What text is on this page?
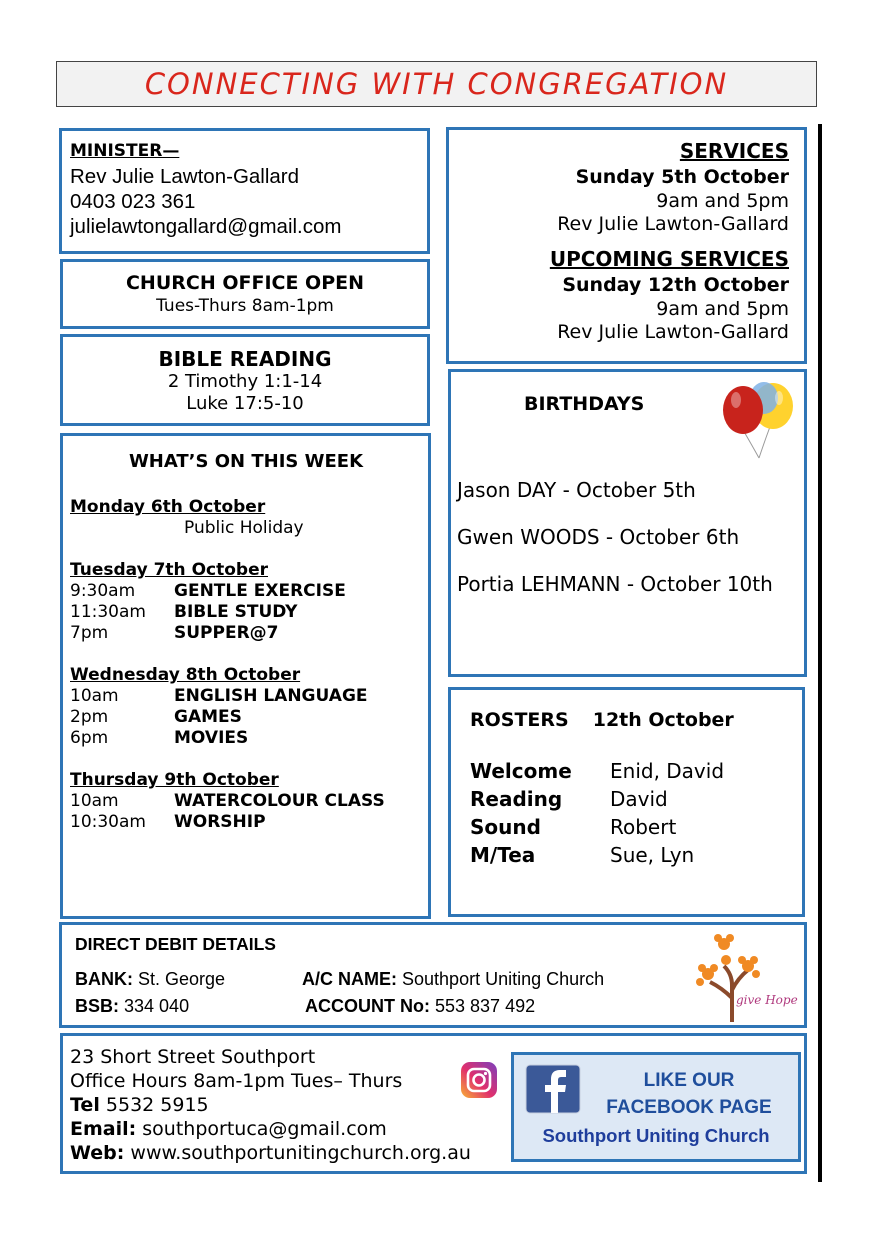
CONNECTING WITH CONGREGATION
MINISTER—
Rev Julie Lawton-Gallard
0403 023 361
julielawtongallard@gmail.com
CHURCH OFFICE OPEN
Tues-Thurs 8am-1pm
BIBLE READING
2 Timothy 1:1-14
Luke 17:5-10
WHAT’S ON THIS WEEK
Monday 6th October
Public Holiday
Tuesday 7th October
9:30am	GENTLE EXERCISE
11:30am	BIBLE STUDY
7pm	SUPPER@7
Wednesday 8th October
10am	ENGLISH LANGUAGE
2pm	GAMES
6pm	MOVIES
Thursday 9th October
10am	WATERCOLOUR CLASS
10:30am	WORSHIP
SERVICES
Sunday 5th October
9am and 5pm
Rev Julie Lawton-Gallard
UPCOMING SERVICES
Sunday 12th October
9am and 5pm
Rev Julie Lawton-Gallard
BIRTHDAYS
Jason DAY - October 5th
Gwen WOODS - October 6th
Portia LEHMANN - October 10th
ROSTERS 12th October
Welcome	Enid, David
Reading	David
Sound	Robert
M/Tea	Sue, Lyn
DIRECT DEBIT DETAILS
BANK: St. George	A/C NAME: Southport Uniting Church
BSB: 334 040	ACCOUNT No: 553 837 492	give Hope
23 Short Street Southport
Office Hours 8am-1pm Tues– Thurs
Tel 5532 5915
Email: southportuca@gmail.com
Web: www.southportunitingchurch.org.au
LIKE OUR
FACEBOOK PAGE
Southport Uniting Church
